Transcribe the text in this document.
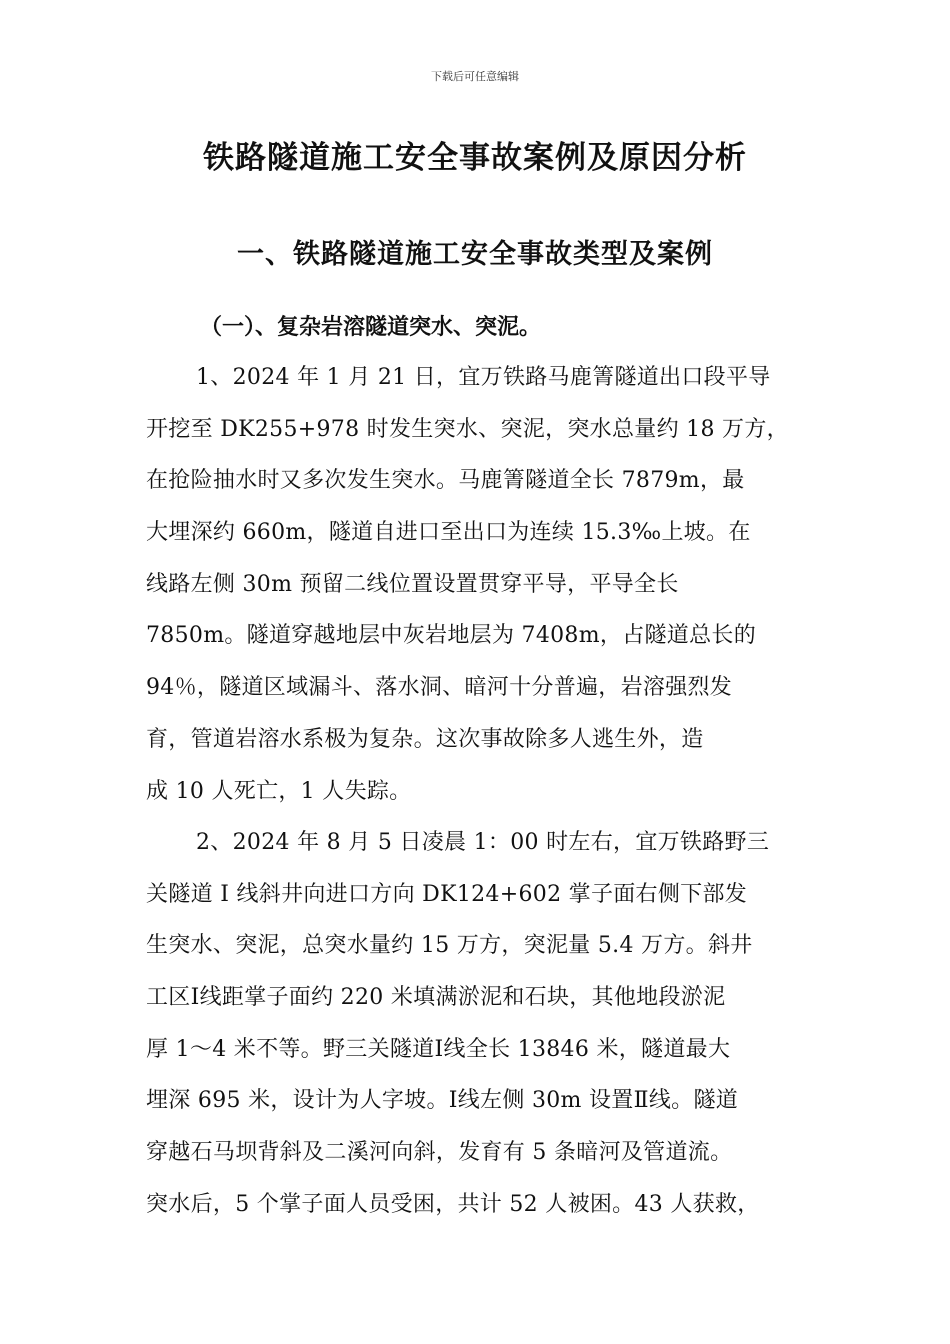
下载后可任意编辑
铁路隧道施工安全事故案例及原因分析
一、铁路隧道施工安全事故类型及案例
（一）、复杂岩溶隧道突水、突泥。
1、2024 年 1 月 21 日，宜万铁路马鹿箐隧道出口段平导
开挖至 DK255+978 时发生突水、突泥，突水总量约 18 万方，
在抢险抽水时又多次发生突水。马鹿箐隧道全长 7879m，最
大埋深约 660m，隧道自进口至出口为连续 15.3‰上坡。在
线路左侧 30m 预留二线位置设置贯穿平导，平导全长
7850m。隧道穿越地层中灰岩地层为 7408m，占隧道总长的
94％，隧道区域漏斗、落水洞、暗河十分普遍，岩溶强烈发
育，管道岩溶水系极为复杂。这次事故除多人逃生外，造
成 10 人死亡，1 人失踪。
2、2024 年 8 月 5 日凌晨 1：00 时左右，宜万铁路野三
关隧道 I 线斜井向进口方向 DK124+602 掌子面右侧下部发
生突水、突泥，总突水量约 15 万方，突泥量 5.4 万方。斜井
工区Ⅰ线距掌子面约 220 米填满淤泥和石块，其他地段淤泥
厚 1～4 米不等。野三关隧道Ⅰ线全长 13846 米，隧道最大
埋深 695 米，设计为人字坡。Ⅰ线左侧 30m 设置Ⅱ线。隧道
穿越石马坝背斜及二溪河向斜，发育有 5 条暗河及管道流。
突水后，5 个掌子面人员受困，共计 52 人被困。43 人获救，
